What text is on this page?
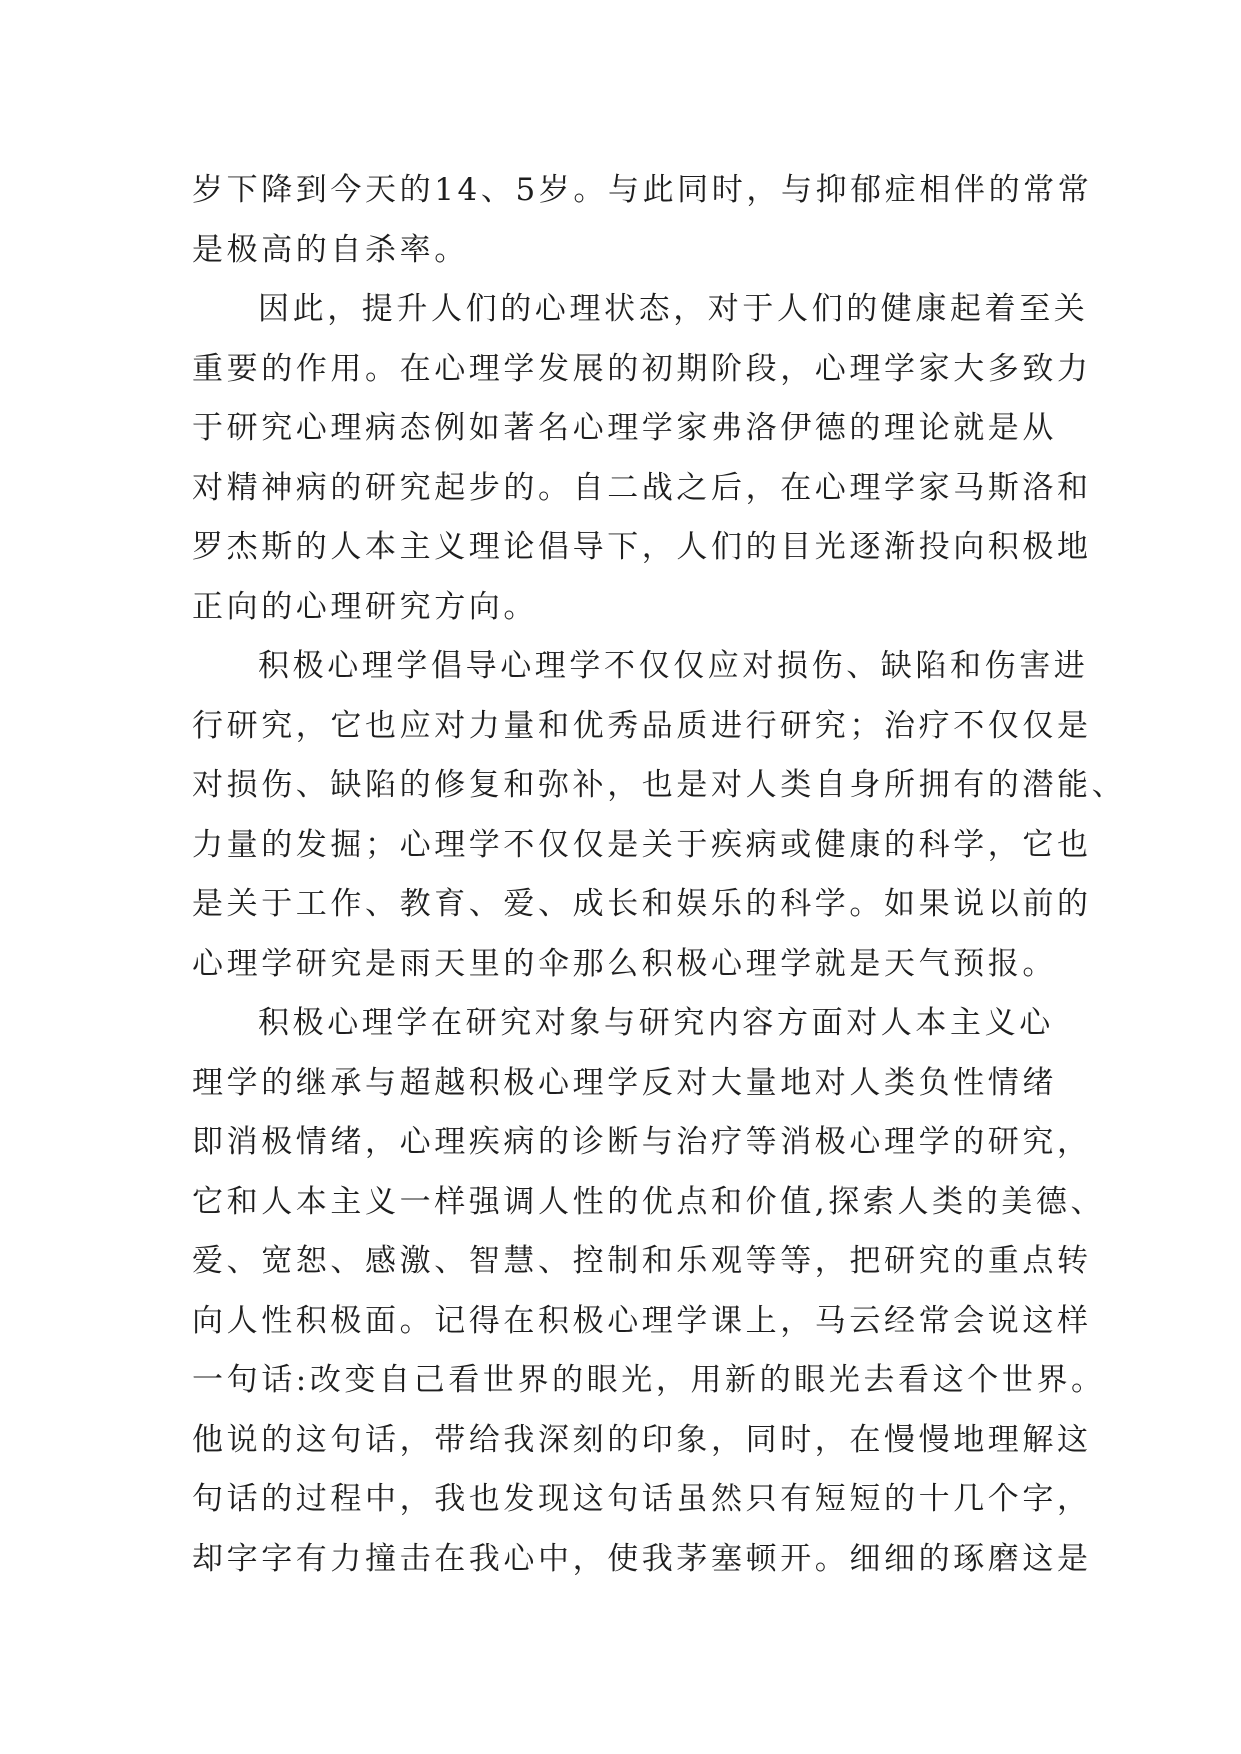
岁下降到今天的14、5岁。与此同时，与抑郁症相伴的常常
是极高的自杀率。
因此，提升人们的心理状态，对于人们的健康起着至关
重要的作用。在心理学发展的初期阶段，心理学家大多致力
于研究心理病态例如著名心理学家弗洛伊德的理论就是从
对精神病的研究起步的。自二战之后，在心理学家马斯洛和
罗杰斯的人本主义理论倡导下，人们的目光逐渐投向积极地
正向的心理研究方向。
积极心理学倡导心理学不仅仅应对损伤、缺陷和伤害进
行研究，它也应对力量和优秀品质进行研究；治疗不仅仅是
对损伤、缺陷的修复和弥补，也是对人类自身所拥有的潜能、
力量的发掘；心理学不仅仅是关于疾病或健康的科学，它也
是关于工作、教育、爱、成长和娱乐的科学。如果说以前的
心理学研究是雨天里的伞那么积极心理学就是天气预报。
积极心理学在研究对象与研究内容方面对人本主义心
理学的继承与超越积极心理学反对大量地对人类负性情绪
即消极情绪，心理疾病的诊断与治疗等消极心理学的研究，
它和人本主义一样强调人性的优点和价值,探索人类的美德、
爱、宽恕、感激、智慧、控制和乐观等等，把研究的重点转
向人性积极面。记得在积极心理学课上，马云经常会说这样
一句话:改变自己看世界的眼光，用新的眼光去看这个世界。
他说的这句话，带给我深刻的印象，同时，在慢慢地理解这
句话的过程中，我也发现这句话虽然只有短短的十几个字，
却字字有力撞击在我心中，使我茅塞顿开。细细的琢磨这是
